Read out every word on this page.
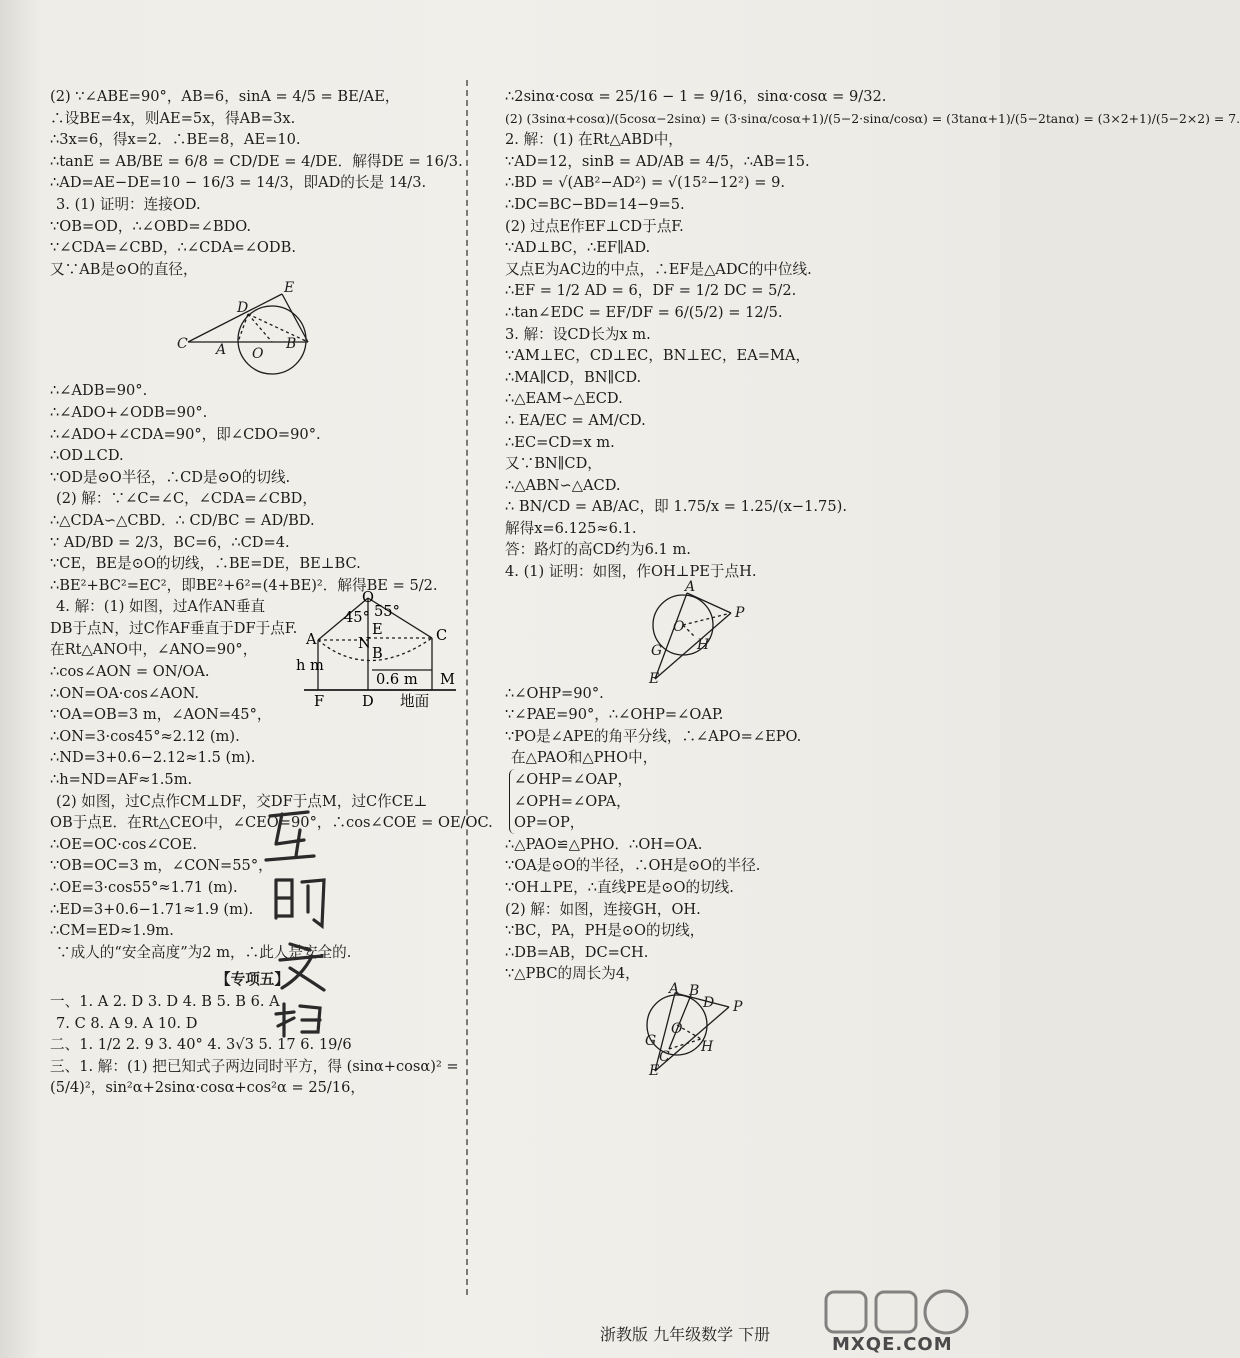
(2) ∵∠ABE=90°，AB=6，sinA = 4/5 = BE/AE，
∴设BE=4x，则AE=5x，得AB=3x.
∴3x=6，得x=2．∴BE=8，AE=10.
∴tanE = AB/BE = 6/8 = CD/DE = 4/DE．解得DE = 16/3.
∴AD=AE−DE=10 − 16/3 = 14/3，即AD的长是 14/3.
3. (1) 证明：连接OD.
∵OB=OD，∴∠OBD=∠BDO.
∵∠CDA=∠CBD，∴∠CDA=∠ODB.
又∵AB是⊙O的直径，
E
D
C A O
B
∴∠ADB=90°.
∴∠ADO+∠ODB=90°.
∴∠ADO+∠CDA=90°，即∠CDO=90°.
∴OD⊥CD.
∵OD是⊙O半径，∴CD是⊙O的切线.
(2) 解：∵∠C=∠C，∠CDA=∠CBD，
∴△CDA∽△CBD．∴ CD/BC = AD/BD.
∵ AD/BD = 2/3，BC=6，∴CD=4.
∵CE，BE是⊙O的切线，∴BE=DE，BE⊥BC.
∴BE²+BC²=EC²，即BE²+6²=(4+BE)²．解得BE = 5/2.
O
45° 55°
A	C
E
N
B
h m
0.6 m M
F	D 地面
4. 解：(1) 如图，过A作AN垂直
DB于点N，过C作AF垂直于DF于点F.
在Rt△ANO中，∠ANO=90°，
∴cos∠AON = ON/OA.
∴ON=OA·cos∠AON.
∵OA=OB=3 m，∠AON=45°，
∴ON=3·cos45°≈2.12 (m).
∴ND=3+0.6−2.12≈1.5 (m).
∴h=ND=AF≈1.5m.
(2) 如图，过C点作CM⊥DF，交DF于点M，过C作CE⊥
OB于点E．在Rt△CEO中，∠CEO=90°，∴cos∠COE = OE/OC.
∴OE=OC·cos∠COE.
∵OB=OC=3 m，∠CON=55°，
∴OE=3·cos55°≈1.71 (m).
∴ED=3+0.6−1.71≈1.9 (m).
∴CM=ED≈1.9m.
∵成人的“安全高度”为2 m，∴此人是安全的.
【专项五】
一、1. A 2. D 3. D 4. B 5. B 6. A
7. C 8. A 9. A 10. D
二、1. 1/2 2. 9 3. 40° 4. 3√3 5. 17 6. 19/6
三、1. 解：(1) 把已知式子两边同时平方，得 (sinα+cosα)² =
(5/4)²，sin²α+2sinα·cosα+cos²α = 25/16，
∴2sinα·cosα = 25/16 − 1 = 9/16，sinα·cosα = 9/32.
(2) (3sinα+cosα)/(5cosα−2sinα) = (3·sinα/cosα+1)/(5−2·sinα/cosα) = (3tanα+1)/(5−2tanα) = (3×2+1)/(5−2×2) = 7.
2. 解：(1) 在Rt△ABD中，
∵AD=12，sinB = AD/AB = 4/5，∴AB=15.
∴BD = √(AB²−AD²) = √(15²−12²) = 9.
∴DC=BC−BD=14−9=5.
(2) 过点E作EF⊥CD于点F.
∵AD⊥BC，∴EF∥AD.
又点E为AC边的中点，∴EF是△ADC的中位线.
∴EF = 1/2 AD = 6，DF = 1/2 DC = 5/2.
∴tan∠EDC = EF/DF = 6/(5/2) = 12/5.
3. 解：设CD长为x m.
∵AM⊥EC，CD⊥EC，BN⊥EC，EA=MA，
∴MA∥CD，BN∥CD.
∴△EAM∽△ECD.
∴ EA/EC = AM/CD.
∴EC=CD=x m.
又∵BN∥CD，
∴△ABN∽△ACD.
∴ BN/CD = AB/AC，即 1.75/x = 1.25/(x−1.75).
解得x=6.125≈6.1.
答：路灯的高CD约为6.1 m.
4. (1) 证明：如图，作OH⊥PE于点H.
A
O
P
G H
E
∴∠OHP=90°.
∵∠PAE=90°，∴∠OHP=∠OAP.
∵PO是∠APE的角平分线，∴∠APO=∠EPO.
在△PAO和△PHO中，
∠OHP=∠OAP，
∠OPH=∠OPA，
OP=OP，
∴△PAO≌△PHO．∴OH=OA.
∵OA是⊙O的半径，∴OH是⊙O的半径.
∵OH⊥PE，∴直线PE是⊙O的切线.
(2) 解：如图，连接GH，OH.
∵BC，PA，PH是⊙O的切线，
∴DB=AB，DC=CH.
∵△PBC的周长为4，
A B
D P
O
G
C
H
E
浙教版 九年级数学 下册	MXQE.COM
